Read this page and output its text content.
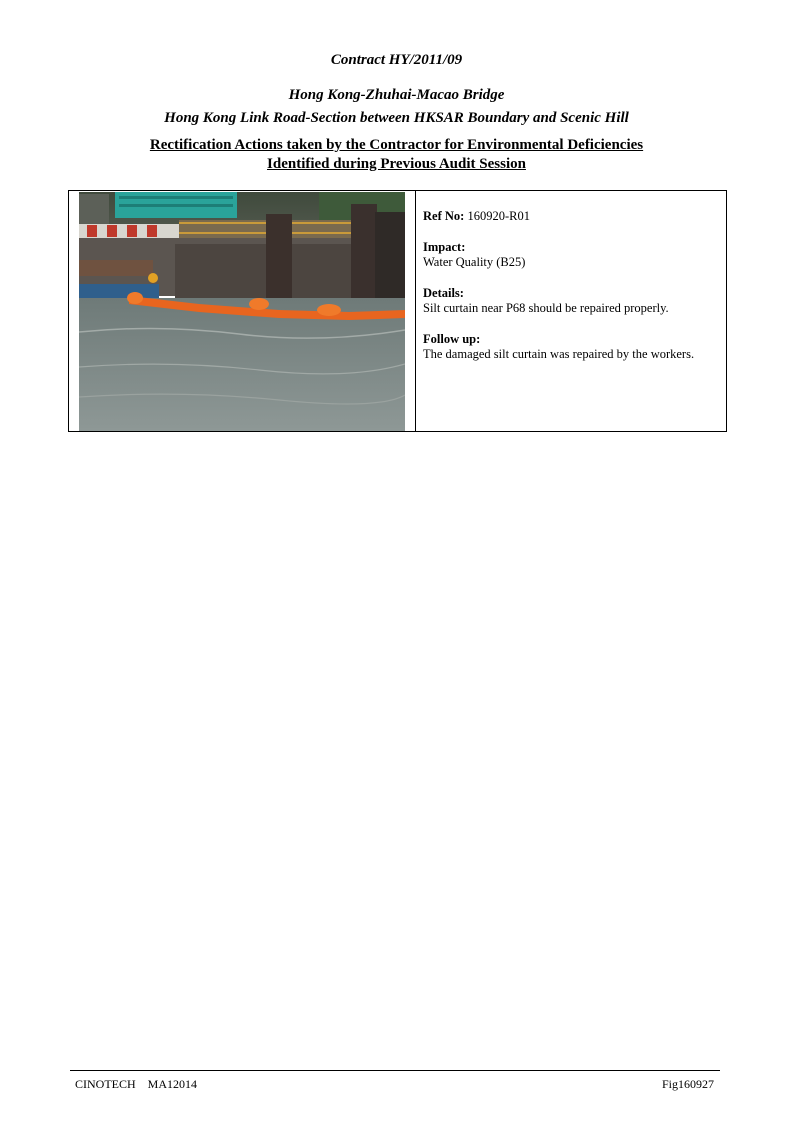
Contract HY/2011/09
Hong Kong-Zhuhai-Macao Bridge
Hong Kong Link Road-Section between HKSAR Boundary and Scenic Hill
Rectification Actions taken by the Contractor for Environmental Deficiencies
Identified during Previous Audit Session
Ref No: 160920-R01
Impact:
Water Quality (B25)
Details:
Silt curtain near P68 should be repaired properly.
Follow up:
The damaged silt curtain was repaired by the workers.
CINOTECH MA12014	Fig160927
